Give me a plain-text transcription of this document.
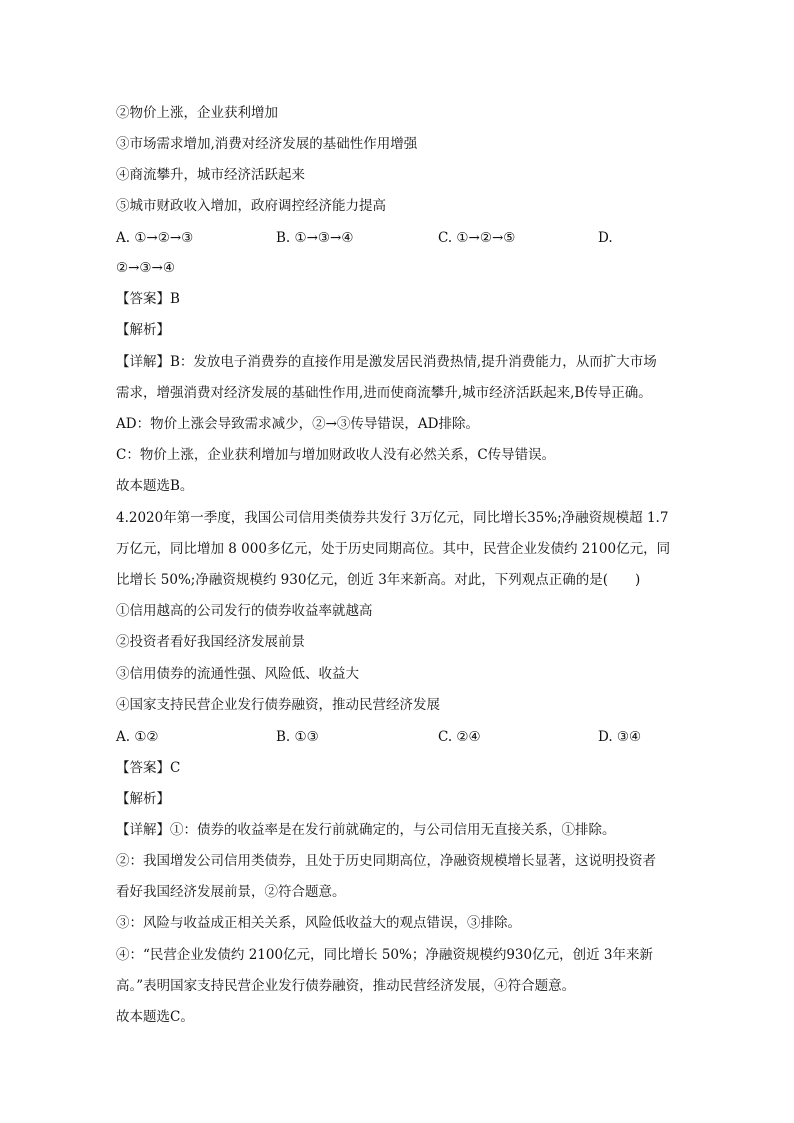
②物价上涨，企业获利增加
③市场需求增加,消费对经济发展的基础性作用增强
④商流攀升，城市经济活跃起来
⑤城市财政收入增加，政府调控经济能力提高
A. ①→②→③	B. ①→③→④	C. ①→②→⑤	D.
②→③→④
【答案】B
【解析】
【详解】B：发放电子消费券的直接作用是激发居民消费热情,提升消费能力，从而扩大市场
需求，增强消费对经济发展的基础性作用,进而使商流攀升,城市经济活跃起来,B传导正确。
AD：物价上涨会导致需求减少，②→③传导错误，AD排除。
C：物价上涨，企业获利增加与增加财政收人没有必然关系，C传导错误。
故本题选B。
4.2020年第一季度，我国公司信用类债券共发行 3万亿元，同比增长35%;净融资规模超 1.7
万亿元，同比增加 8 000多亿元，处于历史同期高位。其中，民营企业发债约 2100亿元，同
比增长 50%;净融资规模约 930亿元，创近 3年来新高。对此，下列观点正确的是(　　)
①信用越高的公司发行的债券收益率就越高
②投资者看好我国经济发展前景
③信用债券的流通性强、风险低、收益大
④国家支持民营企业发行债券融资，推动民营经济发展
A. ①②	B. ①③	C. ②④	D. ③④
【答案】C
【解析】
【详解】①：债券的收益率是在发行前就确定的，与公司信用无直接关系，①排除。
②：我国增发公司信用类债券，且处于历史同期高位，净融资规模增长显著，这说明投资者
看好我国经济发展前景，②符合题意。
③：风险与收益成正相关关系，风险低收益大的观点错误，③排除。
④：“民营企业发债约 2100亿元，同比增长 50%；净融资规模约930亿元，创近 3年来新
高。”表明国家支持民营企业发行债券融资，推动民营经济发展，④符合题意。
故本题选C。
